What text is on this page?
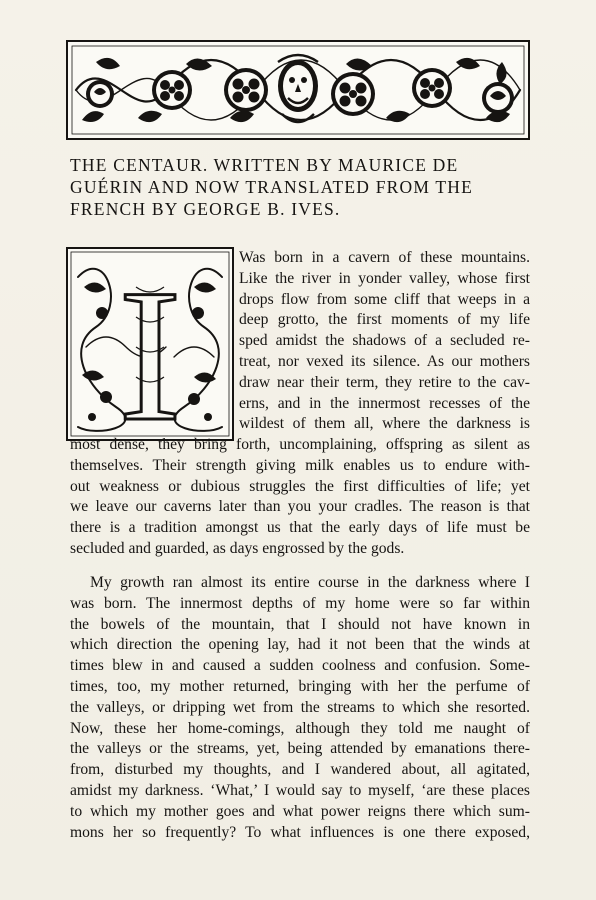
THE CENTAUR. WRITTEN BY MAURICE DE
GUÉRIN AND NOW TRANSLATED FROM THE
FRENCH BY GEORGE B. IVES.
I	Was born in a cavern of these mountains.
Like the river in yonder valley, whose first
drops flow from some cliff that weeps in a
deep grotto, the first moments of my life
sped amidst the shadows of a secluded re-
treat, nor vexed its silence. As our mothers
draw near their term, they retire to the cav-
erns, and in the innermost recesses of the
wildest of them all, where the darkness is
most dense, they bring forth, uncomplaining, offspring as silent as
themselves. Their strength giving milk enables us to endure with-
out weakness or dubious struggles the first difficulties of life; yet
we leave our caverns later than you your cradles. The reason is that
there is a tradition amongst us that the early days of life must be
secluded and guarded, as days engrossed by the gods.
My growth ran almost its entire course in the darkness where I
was born. The innermost depths of my home were so far within
the bowels of the mountain, that I should not have known in
which direction the opening lay, had it not been that the winds at
times blew in and caused a sudden coolness and confusion. Some-
times, too, my mother returned, bringing with her the perfume of
the valleys, or dripping wet from the streams to which she resorted.
Now, these her home-comings, although they told me naught of
the valleys or the streams, yet, being attended by emanations there-
from, disturbed my thoughts, and I wandered about, all agitated,
amidst my darkness. ‘What,’ I would say to myself, ‘are these places
to which my mother goes and what power reigns there which sum-
mons her so frequently? To what influences is one there exposed,
